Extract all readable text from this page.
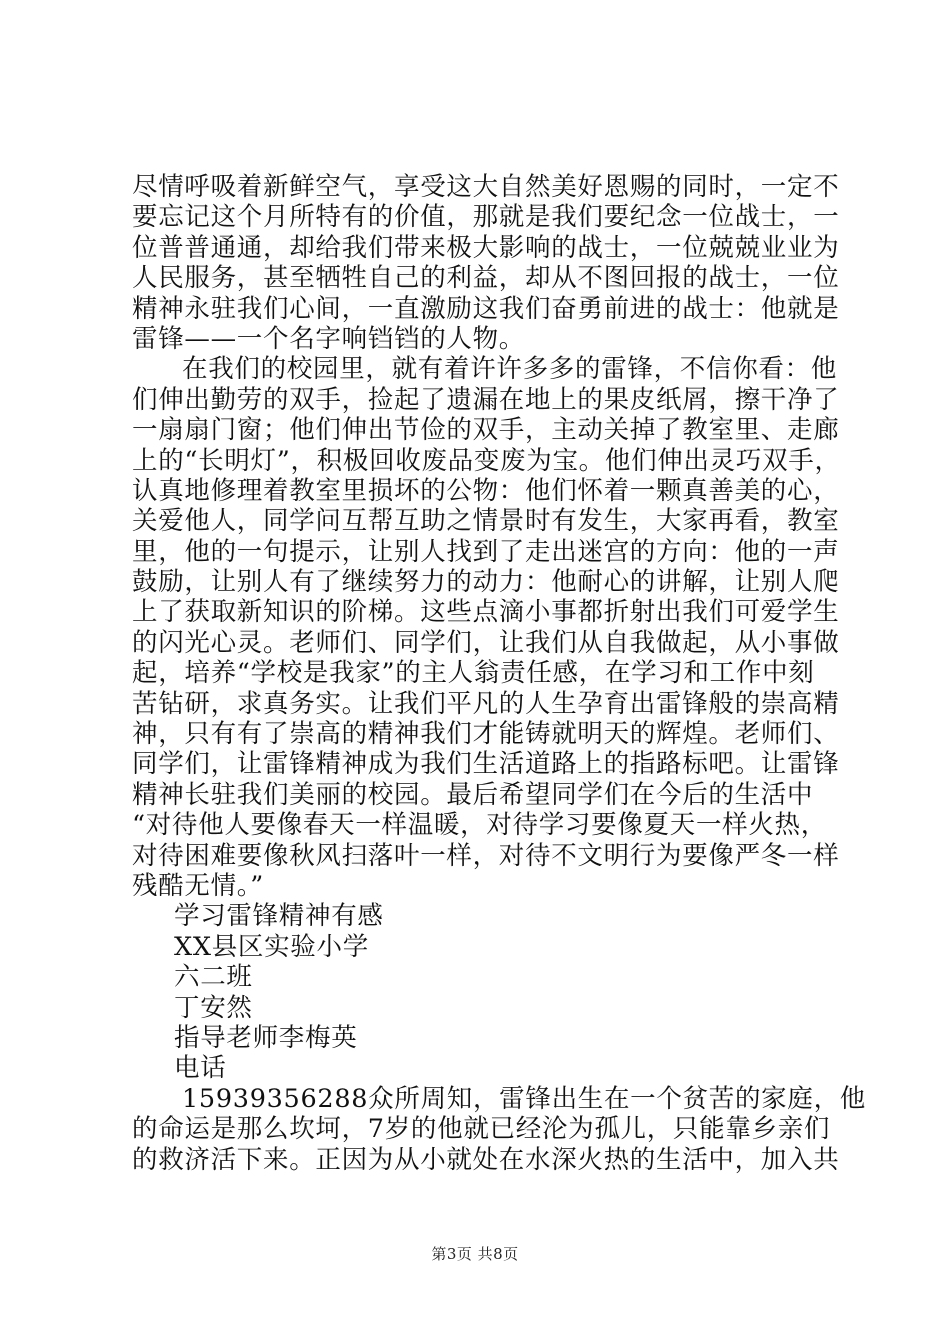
尽情呼吸着新鲜空气，享受这大自然美好恩赐的同时，一定不
要忘记这个月所特有的价值，那就是我们要纪念一位战士，一
位普普通通，却给我们带来极大影响的战士，一位兢兢业业为
人民服务，甚至牺牲自己的利益，却从不图回报的战士，一位
精神永驻我们心间，一直激励这我们奋勇前进的战士：他就是
雷锋——一个名字响铛铛的人物。
在我们的校园里，就有着许许多多的雷锋，不信你看：他
们伸出勤劳的双手，捡起了遗漏在地上的果皮纸屑，擦干净了
一扇扇门窗；他们伸出节俭的双手，主动关掉了教室里、走廊
上的“长明灯”，积极回收废品变废为宝。他们伸出灵巧双手，
认真地修理着教室里损坏的公物：他们怀着一颗真善美的心，
关爱他人，同学问互帮互助之情景时有发生，大家再看，教室
里，他的一句提示，让别人找到了走出迷宫的方向：他的一声
鼓励，让别人有了继续努力的动力：他耐心的讲解，让别人爬
上了获取新知识的阶梯。这些点滴小事都折射出我们可爱学生
的闪光心灵。老师们、同学们，让我们从自我做起，从小事做
起，培养“学校是我家”的主人翁责任感，在学习和工作中刻
苦钻研，求真务实。让我们平凡的人生孕育出雷锋般的崇高精
神，只有有了崇高的精神我们才能铸就明天的辉煌。老师们、
同学们，让雷锋精神成为我们生活道路上的指路标吧。让雷锋
精神长驻我们美丽的校园。最后希望同学们在今后的生活中
“对待他人要像春天一样温暖，对待学习要像夏天一样火热，
对待困难要像秋风扫落叶一样，对待不文明行为要像严冬一样
残酷无情。”
学习雷锋精神有感
XX县区实验小学
六二班
丁安然
指导老师李梅英
电话
15939356288众所周知，雷锋出生在一个贫苦的家庭，他
的命运是那么坎坷，7岁的他就已经沦为孤儿，只能靠乡亲们
的救济活下来。正因为从小就处在水深火热的生活中，加入共
第3页 共8页
